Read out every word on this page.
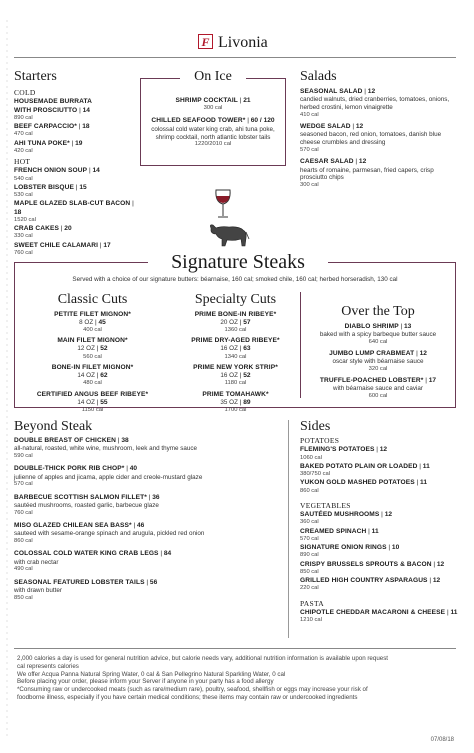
F Livonia
Starters
COLD
HOUSEMADE BURRATA
WITH PROSCIUTTO | 14
890 cal
BEEF CARPACCIO* | 18
470 cal
AHI TUNA POKE* | 19
420 cal
HOT
FRENCH ONION SOUP | 14
540 cal
LOBSTER BISQUE | 15
530 cal
MAPLE GLAZED SLAB-CUT BACON | 18
1520 cal
CRAB CAKES | 20
330 cal
SWEET CHILE CALAMARI | 17
760 cal
On Ice
SHRIMP COCKTAIL | 21
300 cal
CHILLED SEAFOOD TOWER* | 60 / 120
colossal cold water king crab, ahi tuna poke, shrimp cocktail, north atlantic lobster tails
1220/2010 cal
Salads
SEASONAL SALAD | 12
candied walnuts, dried cranberries, tomatoes, onions, herbed crostini, lemon vinaigrette
410 cal
WEDGE SALAD | 12
seasoned bacon, red onion, tomatoes, danish blue cheese crumbles and dressing
570 cal
CAESAR SALAD | 12
hearts of romaine, parmesan, fried capers, crisp prosciutto chips
300 cal
Signature Steaks
Served with a choice of our signature butters: béarnaise, 160 cal; smoked chile, 160 cal; herbed horseradish, 130 cal
Classic Cuts
PETITE FILET MIGNON*
8 OZ | 45
400 cal
MAIN FILET MIGNON*
12 OZ | 52
560 cal
BONE-IN FILET MIGNON*
14 OZ | 62
480 cal
CERTIFIED ANGUS BEEF RIBEYE*
14 OZ | 55
1150 cal
Specialty Cuts
PRIME BONE-IN RIBEYE*
20 OZ | 57
1360 cal
PRIME DRY-AGED RIBEYE*
16 OZ | 63
1340 cal
PRIME NEW YORK STRIP*
16 OZ | 52
1180 cal
PRIME TOMAHAWK*
35 OZ | 89
1700 cal
Over the Top
DIABLO SHRIMP | 13
baked with a spicy barbeque butter sauce
640 cal
JUMBO LUMP CRABMEAT | 12
oscar style with béarnaise sauce
320 cal
TRUFFLE-POACHED LOBSTER* | 17
with béarnaise sauce and caviar
600 cal
Beyond Steak
DOUBLE BREAST OF CHICKEN | 38
all-natural, roasted, white wine, mushroom, leek and thyme sauce
590 cal
DOUBLE-THICK PORK RIB CHOP* | 40
julienne of apples and jicama, apple cider and creole-mustard glaze
570 cal
BARBECUE SCOTTISH SALMON FILLET* | 36
sautéed mushrooms, roasted garlic, barbecue glaze
760 cal
MISO GLAZED CHILEAN SEA BASS* | 46
sauteed with sesame-orange spinach and arugula, pickled red onion
860 cal
COLOSSAL COLD WATER KING CRAB LEGS | 84
with crab nectar
490 cal
SEASONAL FEATURED LOBSTER TAILS | 56
with drawn butter
850 cal
Sides
POTATOES
FLEMING'S POTATOES | 12
1060 cal
BAKED POTATO PLAIN OR LOADED | 11
380/750 cal
YUKON GOLD MASHED POTATOES | 11
860 cal
VEGETABLES
SAUTÉED MUSHROOMS | 12
360 cal
CREAMED SPINACH | 11
570 cal
SIGNATURE ONION RINGS | 10
890 cal
CRISPY BRUSSELS SPROUTS & BACON | 12
850 cal
GRILLED HIGH COUNTRY ASPARAGUS | 12
220 cal
PASTA
CHIPOTLE CHEDDAR MACARONI & CHEESE | 11
1210 cal
2,000 calories a day is used for general nutrition advice, but calorie needs vary, additional nutrition information is available upon request
cal represents calories
We offer Acqua Panna Natural Spring Water, 0 cal & San Pellegrino Natural Sparkling Water, 0 cal
Before placing your order, please inform your Server if anyone in your party has a food allergy
*Consuming raw or undercooked meats (such as rare/medium rare), poultry, seafood, shellfish or eggs may increase your risk of
foodborne illness, especially if you have certain medical conditions; these items may contain raw or undercooked ingredients
07/08/18
